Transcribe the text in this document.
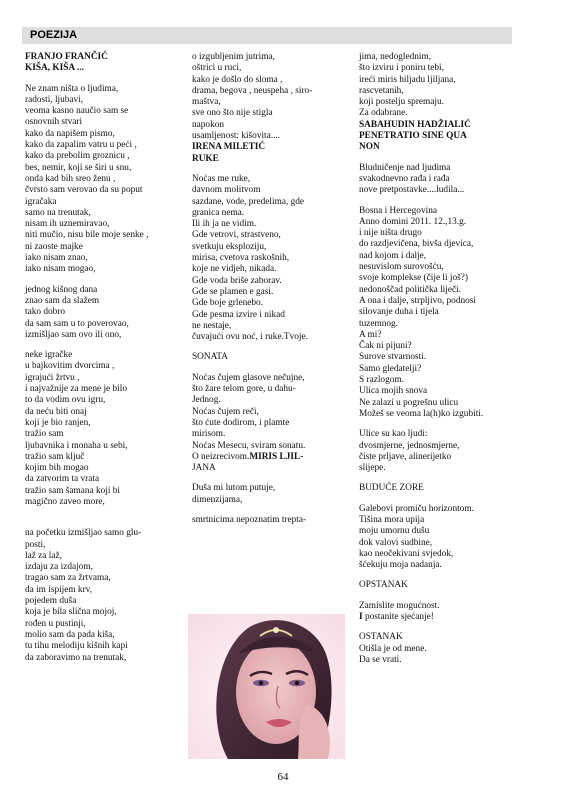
POEZIJA

FRANJO FRANČIĆ

KIŠA, KIŠA ...

Ne znam ništa o ljudima,

radosti, ljubavi,

veoma kasno naučio sam se

osnovnih stvari

kako da napišem pismo,

kako da zapalim vatru u peći ,

kako da prebolim groznicu ,

bes, nemir, koji se širi u snu,

onda kad bih sreo ženu ,

čvrsto sam verovao da su poput

igračaka

samo na trenutak,

nisam ih uznemiravao,

niti mučio, nisu bile moje senke ,

ni zaoste majke

iako nisam znao,

iako nisam mogao,

jednog kišnog dana

znao sam da slažem

tako dobro

da sam sam u to poverovao,

izmišljao sam ovo ili ono,

neke igračke

u bajkovitim dvorcima ,

igrajući žrtvu ,

i najvažnije za mene je bilo

to da vodim ovu igru,

da neću biti onaj

koji je bio ranjen,

tražio sam

ljubavnika i monaha u sebi,

tražio sam ključ

kojim bih mogao

da zatvorim ta vrata

tražio sam šamana koji bi

magično zaveo more,

na početku izmišljao samo glu-

posti,

laž za laž,

izdaju za izdajom,

tragao sam za žrtvama,

da im ispijem krv,

pojedem duša

koja je bila slična mojoj,

rođen u pustinji,

molio sam da pada kiša,

tu tihu melodiju kišnih kapi

da zaboravimo na trenutak,

o izgubljenim jutrima,

oštrici u ruci,

kako je došlo do sloma ,

drama, begova , neuspeha , siro-

maštva,

sve ono što nije stigla

napokon

usamljenost: kišovita....

IRENA MILETIĆ

RUKE

Noćas me ruke,

davnom molitvom

sazdane, vode, predelima, gde

granica nema.

Ili ih ja ne vidim.

Gde vetrovi, strastveno,

svetkuju eksploziju,

mirisa, cvetova raskošnih,

koje ne vidjeh, nikada.

Gde voda briše zaborav.

Gde se plamen e gasi.

Gde boje grlenebo.

Gde pesma izvire i nikad

ne nestaje,

čuvajući ovu noć, i ruke.Tvoje.

SONATA

Noćas čujem glasove nečujne,

što žare telom gore, u dahu-

Jednog.

Noćas čujem reči,

što ćute dodirom, i plamte

mirisom.

Noćas Mesecu, sviram sonatu.

O neizrecivom.MIRIS LJIL-

JANA

Duša mi lutom putuje,

dimenzijama,

smrtnicima nepoznatim trepta-

jima, nedoglednim,

što izviru i poniru tebi,

ireći miris hiljadu ljiljana,

rascvetanih,

koji postelju spremaju.

Za odabrane.

SABAHUDIN HADŽIALIĆ

PENETRATIO SINE QUA

NON

Bludničenje nad ljudima

svakodnevno rađa i rađa

nove pretpostavke....ludila...

Bosna i Hercegovina

Anno domini 2011. 12.,13.g.

i nije ništa drugo

do razdjevičena, bivša djevica,

nad kojom i dalje,

nesuvislom surovošću,

svoje komplekse (čije li još?)

nedonoščad politička liječi.

A ona i dalje, strpljivo, podnosi

silovanje duha i tijela

tuzemnog.

A mi?

Čak ni pijuni?

Surove stvarnosti.

Samo gledatelji?

S razlogom.

Ulica mojih snova

Ne zalazi u pogrešnu ulicu

Možeš se veoma la(h)ko izgubiti.

Ulice su kao ljudi:

dvosmjerne, jednosmjerne,

čiste prljave, alineriјetko

slijepe.

BUDUĆE ZORE

Galebovi promiču horizontom.

Tišina mora upija

moju umornu dušu

dok valovi sudbine,

kao neočekivani svjedok,

šćekuju moja nadanja.

OPSTANAK

Zamislite mogućnost.

I postanite sjećanje!

OSTANAK

Otišla je od mene.

Da se vrati.

64
